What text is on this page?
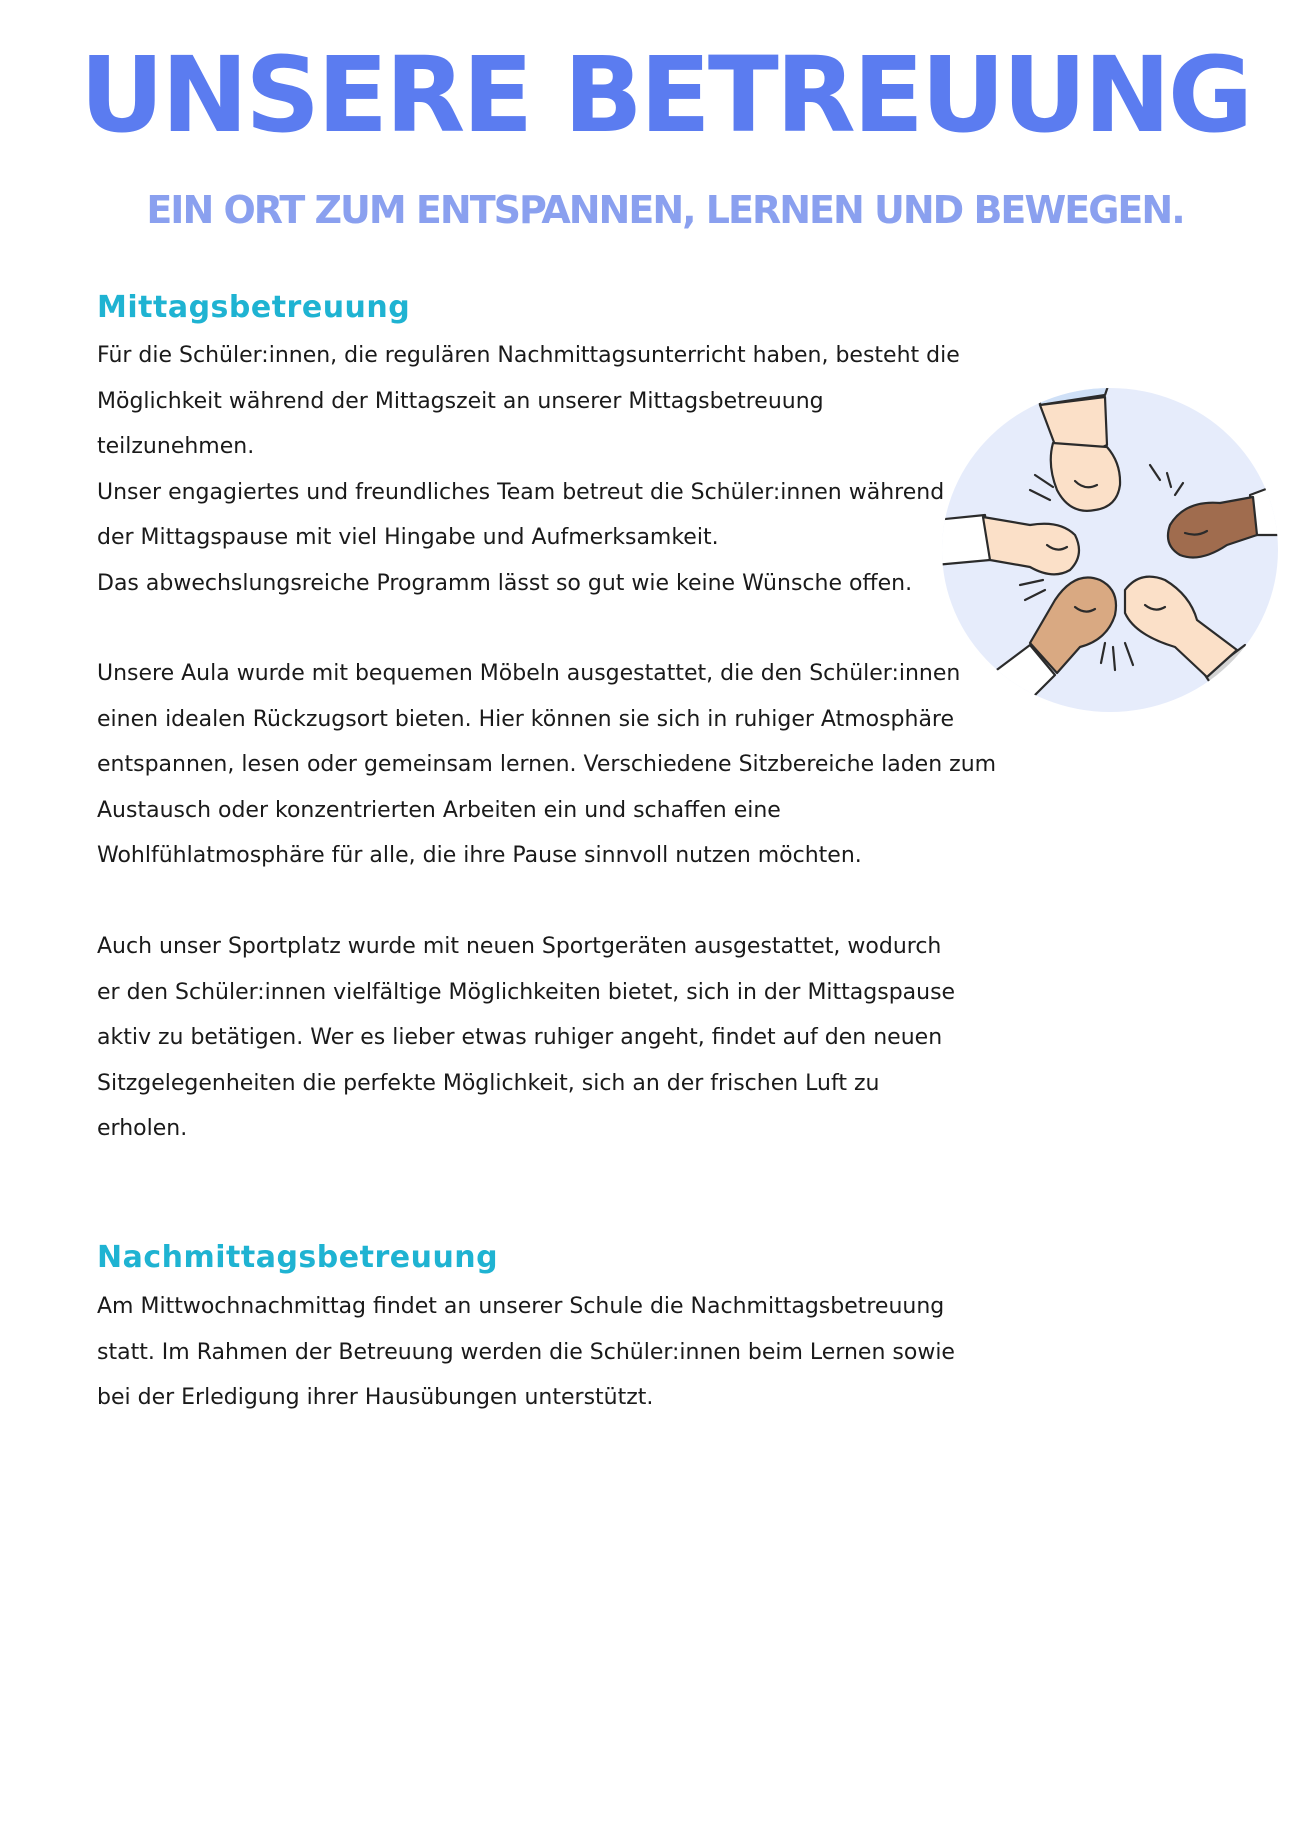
UNSERE BETREUUNG
EIN ORT ZUM ENTSPANNEN, LERNEN UND BEWEGEN.
Mittagsbetreuung
Für die Schüler:innen, die regulären Nachmittagsunterricht haben, besteht die
Möglichkeit während der Mittagszeit an unserer Mittagsbetreuung
teilzunehmen.
Unser engagiertes und freundliches Team betreut die Schüler:innen während
der Mittagspause mit viel Hingabe und Aufmerksamkeit.
Das abwechslungsreiche Programm lässt so gut wie keine Wünsche offen.
Unsere Aula wurde mit bequemen Möbeln ausgestattet, die den Schüler:innen
einen idealen Rückzugsort bieten. Hier können sie sich in ruhiger Atmosphäre
entspannen, lesen oder gemeinsam lernen. Verschiedene Sitzbereiche laden zum
Austausch oder konzentrierten Arbeiten ein und schaffen eine
Wohlfühlatmosphäre für alle, die ihre Pause sinnvoll nutzen möchten.
Auch unser Sportplatz wurde mit neuen Sportgeräten ausgestattet, wodurch
er den Schüler:innen vielfältige Möglichkeiten bietet, sich in der Mittagspause
aktiv zu betätigen. Wer es lieber etwas ruhiger angeht, findet auf den neuen
Sitzgelegenheiten die perfekte Möglichkeit, sich an der frischen Luft zu
erholen.
Nachmittagsbetreuung
Am Mittwochnachmittag findet an unserer Schule die Nachmittagsbetreuung
statt. Im Rahmen der Betreuung werden die Schüler:innen beim Lernen sowie
bei der Erledigung ihrer Hausübungen unterstützt.
